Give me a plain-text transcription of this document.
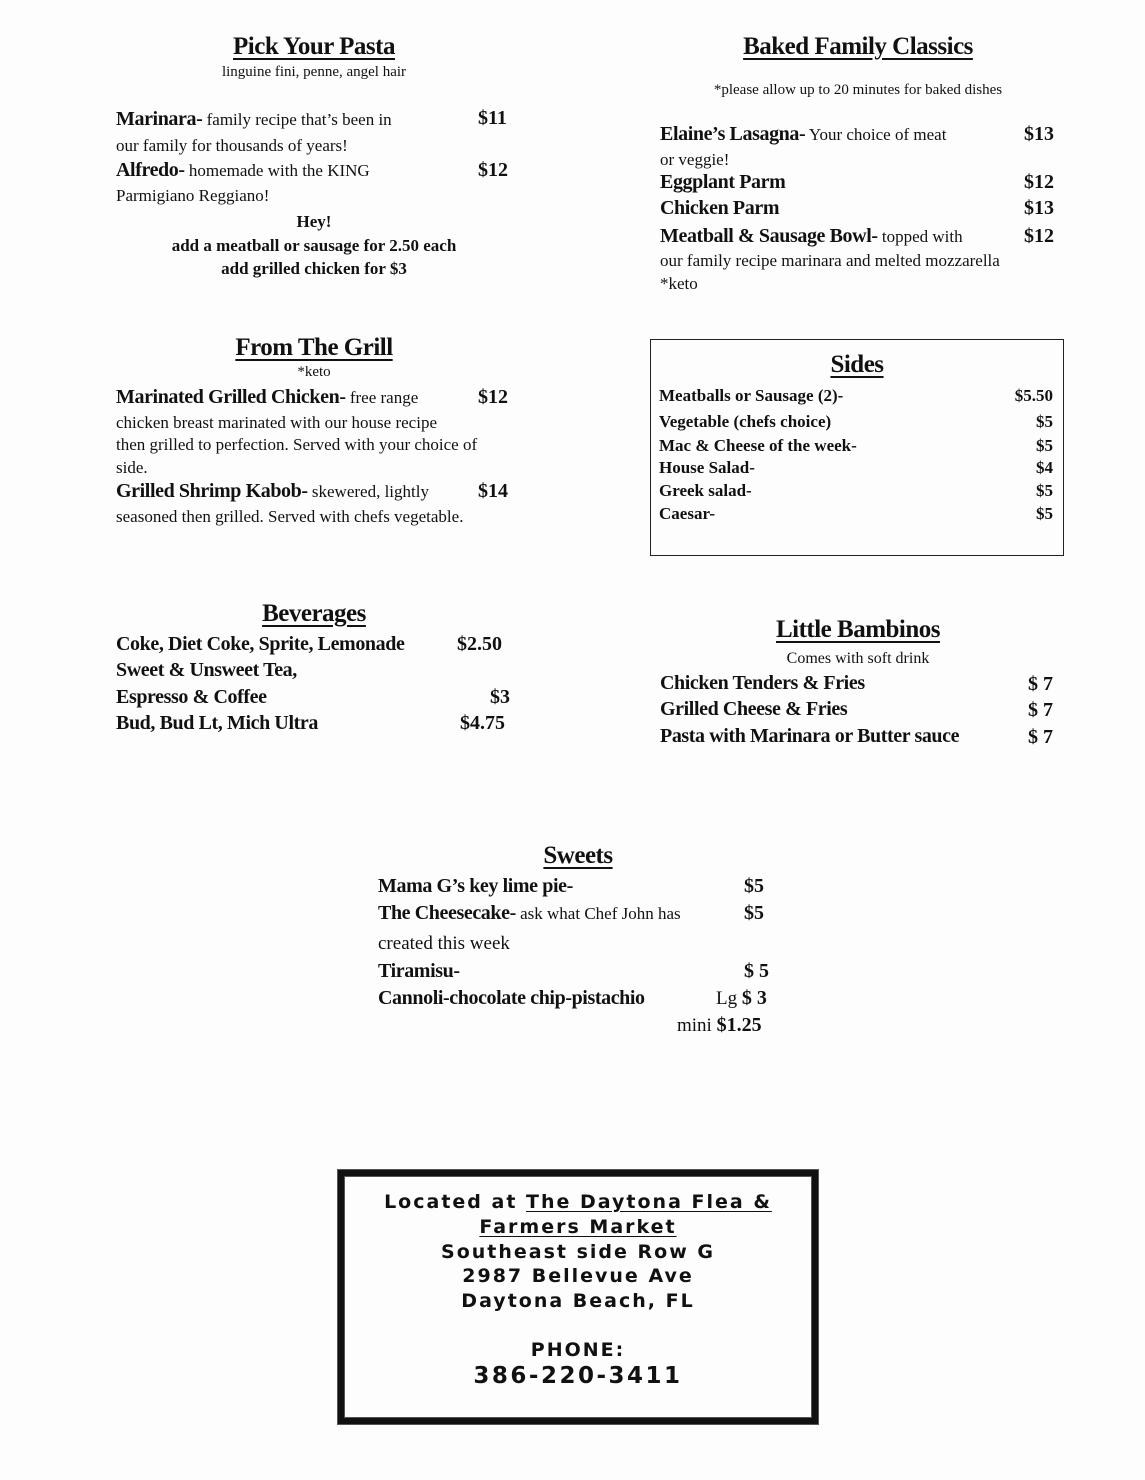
Pick Your Pasta
linguine fini, penne, angel hair
Marinara- family recipe that’s been in	$11
our family for thousands of years!
Alfredo- homemade with the KING	$12
Parmigiano Reggiano!
Hey!
add a meatball or sausage for 2.50 each
add grilled chicken for $3
Baked Family Classics
*please allow up to 20 minutes for baked dishes
Elaine’s Lasagna- Your choice of meat	$13
or veggie!
Eggplant Parm	$12
Chicken Parm	$13
Meatball & Sausage Bowl- topped with	$12
our family recipe marinara and melted mozzarella
*keto
From The Grill
*keto
Marinated Grilled Chicken- free range	$12
chicken breast marinated with our house recipe
then grilled to perfection. Served with your choice of
side.
Grilled Shrimp Kabob- skewered, lightly $14
seasoned then grilled. Served with chefs vegetable.
Sides
Meatballs or Sausage (2)-	$5.50
Vegetable (chefs choice)	$5
Mac & Cheese of the week-	$5
House Salad-	$4
Greek salad-	$5
Caesar-	$5
Beverages
Coke, Diet Coke, Sprite, Lemonade	$2.50
Sweet & Unsweet Tea,
Espresso & Coffee	$3
Bud, Bud Lt, Mich Ultra	$4.75
Little Bambinos
Comes with soft drink
Chicken Tenders & Fries	$ 7
Grilled Cheese & Fries	$ 7
Pasta with Marinara or Butter sauce	$ 7
Sweets
Mama G’s key lime pie-	$5
The Cheesecake- ask what Chef John has	$5
created this week
Tiramisu-	$ 5
Cannoli-chocolate chip-pistachio	Lg $ 3
mini $1.25
Located at The Daytona Flea &
Farmers Market
Southeast side Row G
2987 Bellevue Ave
Daytona Beach, FL
PHONE:
386-220-3411
